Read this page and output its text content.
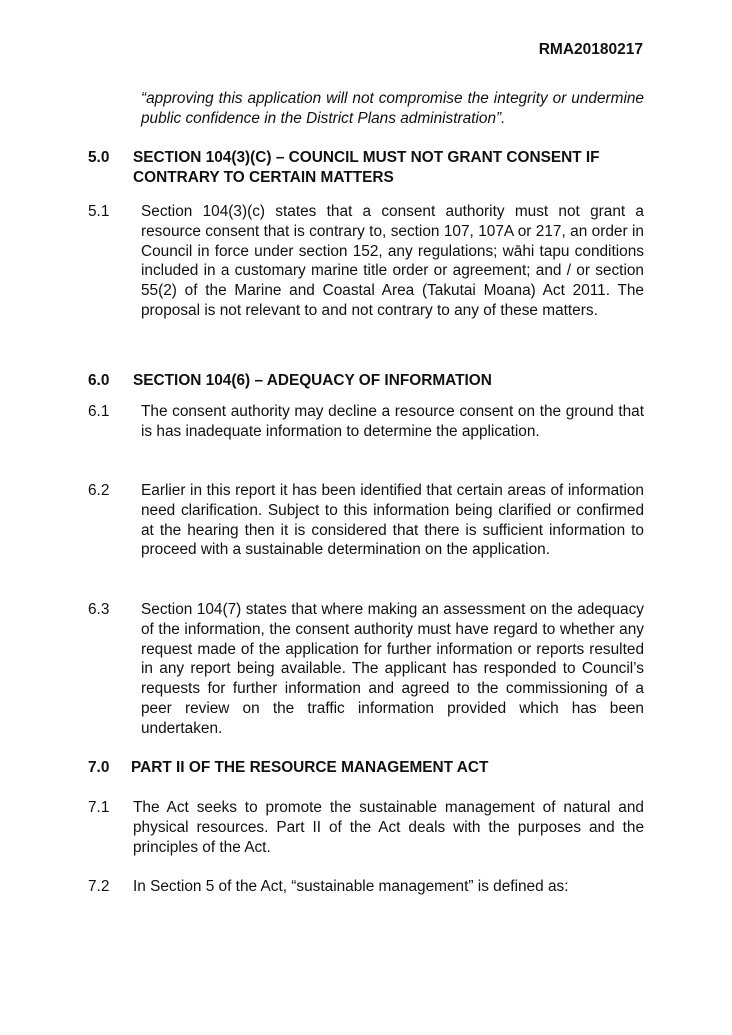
RMA20180217

“approving this application will not compromise the integrity or undermine public confidence in the District Plans administration”.

5.0 SECTION 104(3)(C) – COUNCIL MUST NOT GRANT CONSENT IF CONTRARY TO CERTAIN MATTERS
5.1 Section 104(3)(c) states that a consent authority must not grant a resource consent that is contrary to, section 107, 107A or 217, an order in Council in force under section 152, any regulations; wāhi tapu conditions included in a customary marine title order or agreement; and / or section 55(2) of the Marine and Coastal Area (Takutai Moana) Act 2011. The proposal is not relevant to and not contrary to any of these matters.
6.0 SECTION 104(6) – ADEQUACY OF INFORMATION
6.1 The consent authority may decline a resource consent on the ground that is has inadequate information to determine the application.
6.2 Earlier in this report it has been identified that certain areas of information need clarification. Subject to this information being clarified or confirmed at the hearing then it is considered that there is sufficient information to proceed with a sustainable determination on the application.
6.3 Section 104(7) states that where making an assessment on the adequacy of the information, the consent authority must have regard to whether any request made of the application for further information or reports resulted in any report being available. The applicant has responded to Council’s requests for further information and agreed to the commissioning of a peer review on the traffic information provided which has been undertaken.
7.0 PART II OF THE RESOURCE MANAGEMENT ACT
7.1 The Act seeks to promote the sustainable management of natural and physical resources. Part II of the Act deals with the purposes and the principles of the Act.
7.2 In Section 5 of the Act, “sustainable management” is defined as:
